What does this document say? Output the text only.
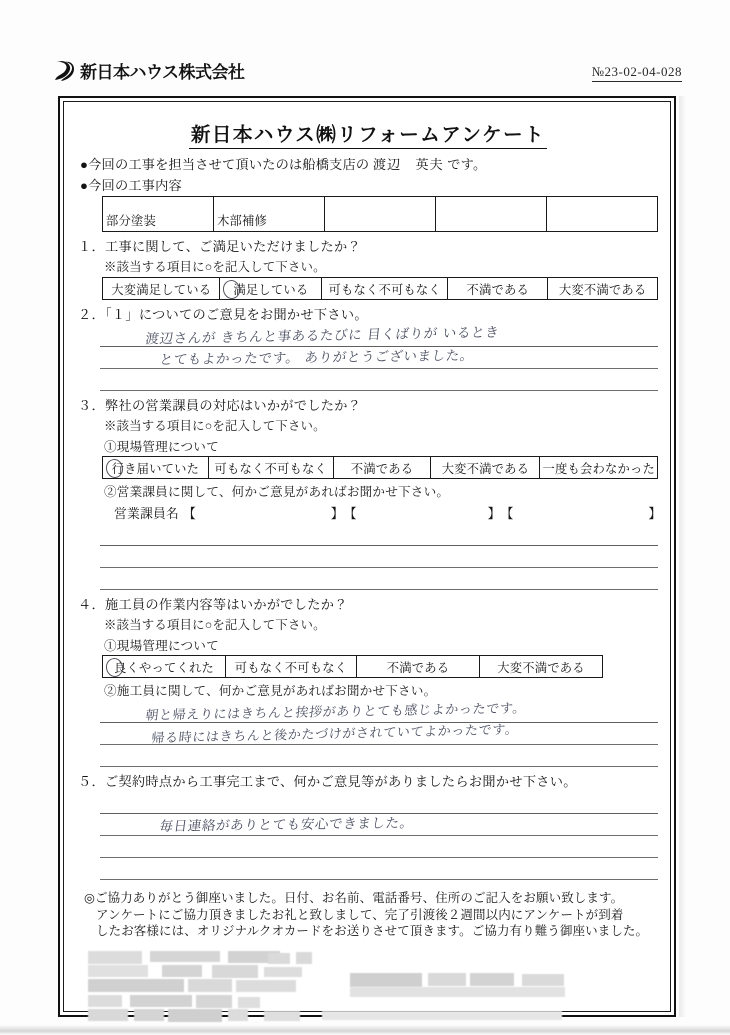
新日本ハウス株式会社	№23-02-04-028
新日本ハウス㈱リフォームアンケート
●今回の工事を担当させて頂いたのは船橋支店の 渡辺　英夫 です。
●今回の工事内容
部分塗装	木部補修			
１．工事に関して、ご満足いただけましたか？
※該当する項目に○を記入して下さい。
大変満足している	満足している	可もなく不可もなく	不満である	大変不満である
２．「１」についてのご意見をお聞かせ下さい。
渡辺さんが きちんと事あるたびに 目くばりが いるとき
とてもよかったです。 ありがとうございました。
３．弊社の営業課員の対応はいかがでしたか？
※該当する項目に○を記入して下さい。
①現場管理について
行き届いていた	可もなく不可もなく	不満である	大変不満である	一度も会わなかった
②営業課員に関して、何かご意見があればお聞かせ下さい。
営業課員名 【	】 【	】 【	】
４．施工員の作業内容等はいかがでしたか？
※該当する項目に○を記入して下さい。
①現場管理について
良くやってくれた	可もなく不可もなく	不満である	大変不満である
②施工員に関して、何かご意見があればお聞かせ下さい。
朝と帰えりにはきちんと挨拶がありとても感じよかったです。
帰る時にはきちんと後かたづけがされていてよかったです。
５．ご契約時点から工事完工まで、何かご意見等がありましたらお聞かせ下さい。
毎日連絡がありとても安心できました。
◎ご協力ありがとう御座いました。日付、お名前、電話番号、住所のご記入をお願い致します。
アンケートにご協力頂きましたお礼と致しまして、完了引渡後２週間以内にアンケートが到着
したお客様には、オリジナルクオカードをお送りさせて頂きます。ご協力有り難う御座いました。
